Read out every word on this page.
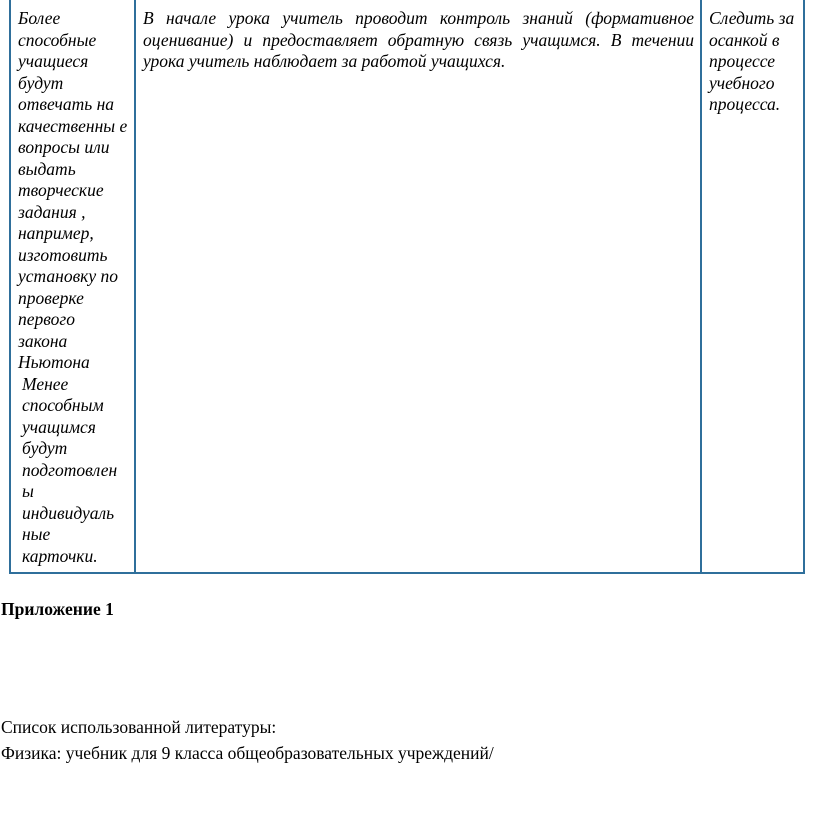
Более способные учащиеся будут отвечать на качественны е вопросы или выдать творческие задания , например, изготовить установку по проверке первого закона Ньютона
Менее способным учащимся будут подготовлен ы индивидуаль ные карточки.
	В начале урока учитель проводит контроль знаний (формативное оценивание) и предоставляет обратную связь учащимся. В течении урока учитель наблюдает за работой учащихся.	Следить за осанкой в процессе учебного процесса.

Приложение 1

Список использованной литературы:

Физика: учебник для 9 класса общеобразовательных учреждений/
